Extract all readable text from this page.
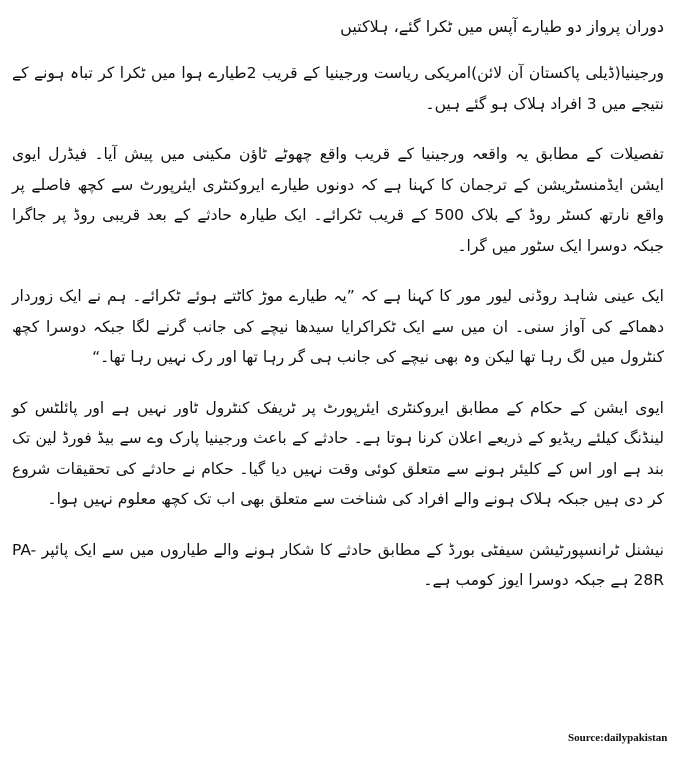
دوران پرواز دو طیارے آپس میں ٹکرا گئے، ہلاکتیں

ورجینیا(ڈیلی پاکستان آن لائن)امریکی ریاست ورجینیا کے قریب 2طیارے ہوا میں ٹکرا کر تباہ ہونے کے نتیجے میں 3 افراد ہلاک ہو گئے ہیں۔

تفصیلات کے مطابق یہ واقعہ ورجینیا کے قریب واقع چھوٹے ٹاؤن مکینی میں پیش آیا۔ فیڈرل ایوی ایشن ایڈمنسٹریشن کے ترجمان کا کہنا ہے کہ دونوں طیارے ایروکنٹری ایئرپورٹ سے کچھ فاصلے پر واقع نارتھ کسٹر روڈ کے بلاک 500 کے قریب ٹکرائے۔ ایک طیارہ حادثے کے بعد قریبی روڈ پر جاگرا جبکہ دوسرا ایک سٹور میں گرا۔

ایک عینی شاہد روڈنی لیور مور کا کہنا ہے کہ ”یہ طیارے موڑ کاٹتے ہوئے ٹکرائے۔ ہم نے ایک زوردار دھماکے کی آواز سنی۔ ان میں سے ایک ٹکراکرایا سیدھا نیچے کی جانب گرنے لگا جبکہ دوسرا کچھ کنٹرول میں لگ رہا تھا لیکن وہ بھی نیچے کی جانب ہی گر رہا تھا اور رک نہیں رہا تھا۔“

ایوی ایشن کے حکام کے مطابق ایروکنٹری ایئرپورٹ پر ٹریفک کنٹرول ٹاور نہیں ہے اور پائلٹس کو لینڈنگ کیلئے ریڈیو کے ذریعے اعلان کرنا ہوتا ہے۔ حادثے کے باعث ورجینیا پارک وے سے بیڈ فورڈ لین تک بند ہے اور اس کے کلیئر ہونے سے متعلق کوئی وقت نہیں دیا گیا۔ حکام نے حادثے کی تحقیقات شروع کر دی ہیں جبکہ ہلاک ہونے والے افراد کی شناخت سے متعلق بھی اب تک کچھ معلوم نہیں ہوا۔

نیشنل ٹرانسپورٹیشن سیفٹی بورڈ کے مطابق حادثے کا شکار ہونے والے طیاروں میں سے ایک پائپر PA-28R ہے جبکہ دوسرا ایوز کومب ہے۔

Source:dailypakistan
